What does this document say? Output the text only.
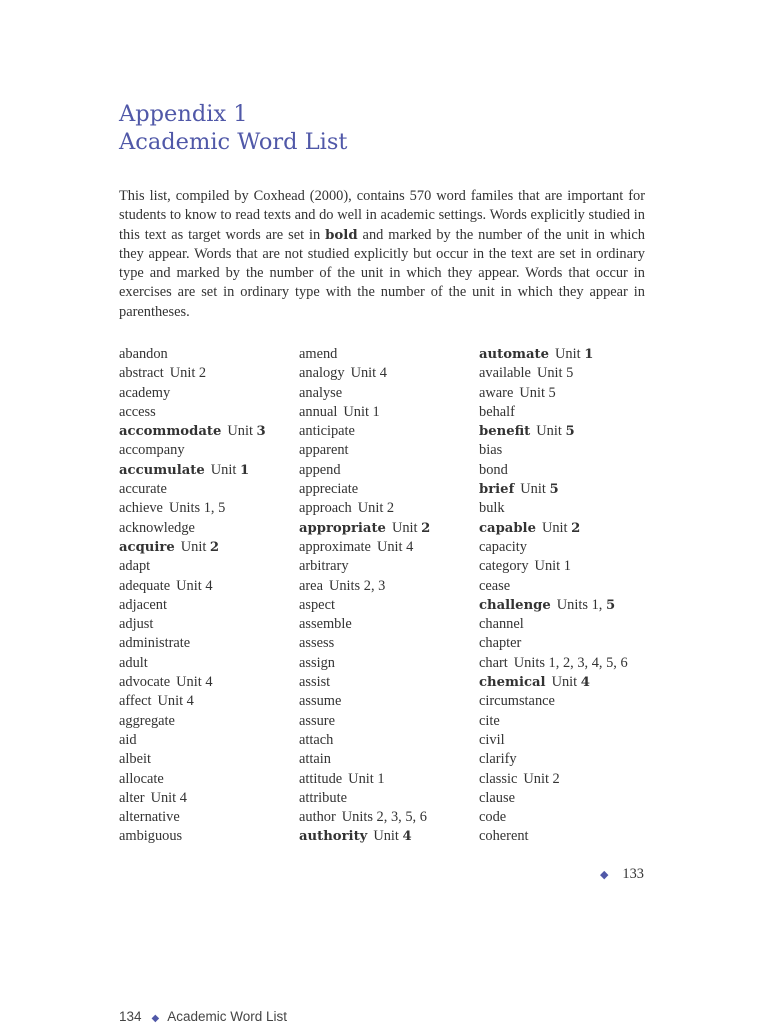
Appendix 1
Academic Word List

This list, compiled by Coxhead (2000), contains 570 word familes that are important for students to know to read texts and do well in academic settings. Words explicitly studied in this text as target words are set in bold and marked by the number of the unit in which they appear. Words that are not studied explicitly but occur in the text are set in ordinary type and marked by the number of the unit in which they appear. Words that occur in exercises are set in ordinary type with the number of the unit in which they appear in parentheses.

abandon
abstract Unit 2
academy
access
accommodate Unit 3
accompany
accumulate Unit 1
accurate
achieve Units 1, 5
acknowledge
acquire Unit 2
adapt
adequate Unit 4
adjacent
adjust
administrate
adult
advocate Unit 4
affect Unit 4
aggregate
aid
albeit
allocate
alter Unit 4
alternative
ambiguous
amend
analogy Unit 4
analyse
annual Unit 1
anticipate
apparent
append
appreciate
approach Unit 2
appropriate Unit 2
approximate Unit 4
arbitrary
area Units 2, 3
aspect
assemble
assess
assign
assist
assume
assure
attach
attain
attitude Unit 1
attribute
author Units 2, 3, 5, 6
authority Unit 4
automate Unit 1
available Unit 5
aware Unit 5
behalf
benefit Unit 5
bias
bond
brief Unit 5
bulk
capable Unit 2
capacity
category Unit 1
cease
challenge Units 1, 5
channel
chapter
chart Units 1, 2, 3, 4, 5, 6
chemical Unit 4
circumstance
cite
civil
clarify
classic Unit 2
clause
code
coherent
◆ 133
134 ◆ Academic Word List
